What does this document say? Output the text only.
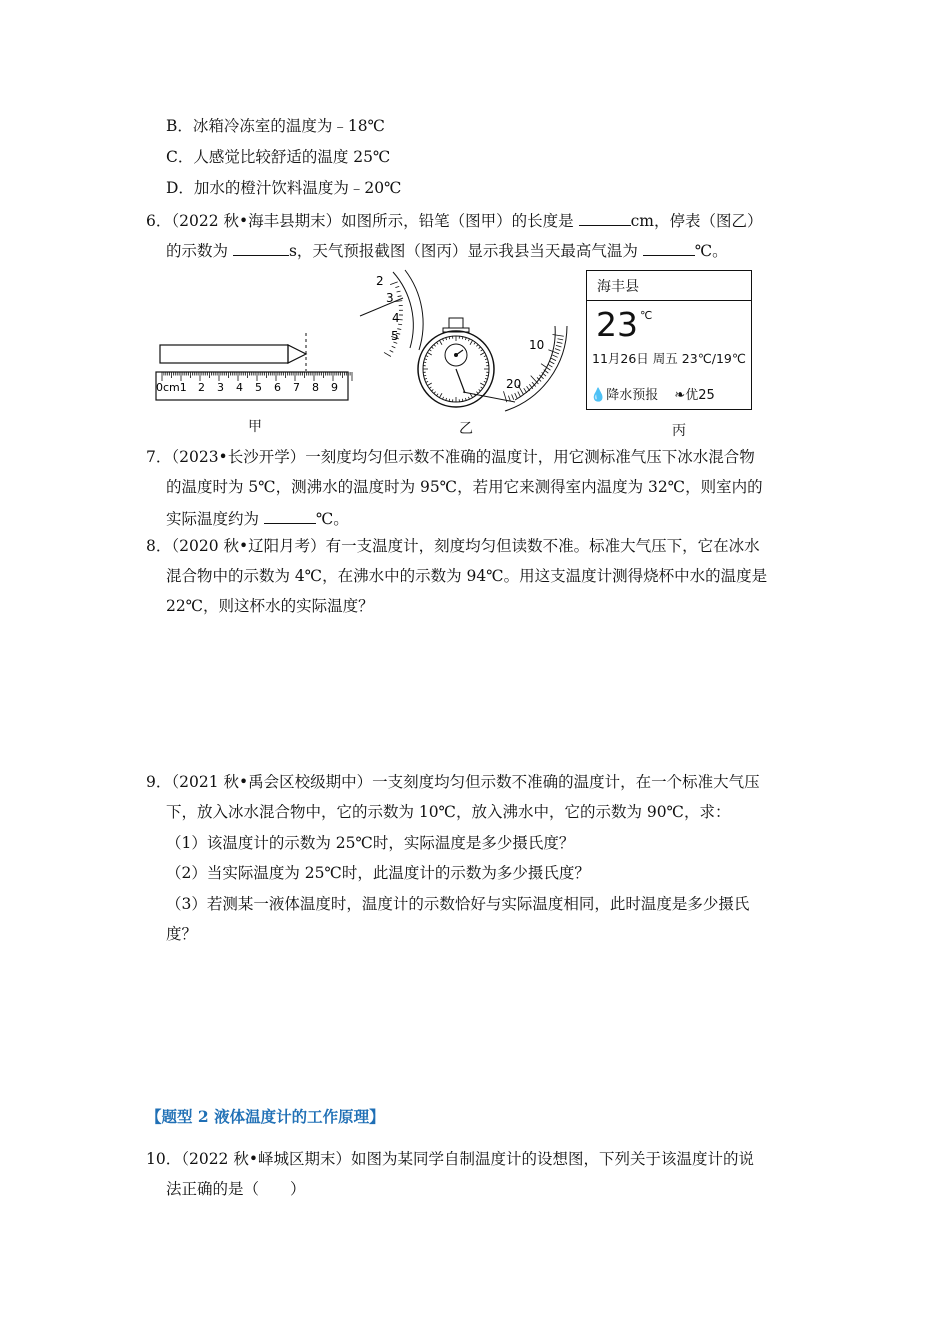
B．冰箱冷冻室的温度为﹣18℃
C．人感觉比较舒适的温度 25℃
D．加水的橙汁饮料温度为﹣20℃
6．（2022 秋•海丰县期末）如图所示，铅笔（图甲）的长度是	cm，停表（图乙）
的示数为	s，天气预报截图（图丙）显示我县当天最高气温为	℃。
0cm1 2 3 4 5 6 7 8 9
甲
2
3
4
5
10
20
乙
海丰县
23 ℃
11月26日 周五 23℃/19℃
💧降水预报 ❧优25
丙
7．（2023•长沙开学）一刻度均匀但示数不准确的温度计，用它测标准气压下冰水混合物
的温度时为 5℃，测沸水的温度时为 95℃，若用它来测得室内温度为 32℃，则室内的
实际温度约为	℃。
8．（2020 秋•辽阳月考）有一支温度计，刻度均匀但读数不准。标准大气压下，它在冰水
混合物中的示数为 4℃，在沸水中的示数为 94℃。用这支温度计测得烧杯中水的温度是
22℃，则这杯水的实际温度？
9．（2021 秋•禹会区校级期中）一支刻度均匀但示数不准确的温度计，在一个标准大气压
下，放入冰水混合物中，它的示数为 10℃，放入沸水中，它的示数为 90℃，求：
（1）该温度计的示数为 25℃时，实际温度是多少摄氏度？
（2）当实际温度为 25℃时，此温度计的示数为多少摄氏度？
（3）若测某一液体温度时，温度计的示数恰好与实际温度相同，此时温度是多少摄氏
度？
【题型 2 液体温度计的工作原理】
10．（2022 秋•峄城区期末）如图为某同学自制温度计的设想图，下列关于该温度计的说
法正确的是（　　）
